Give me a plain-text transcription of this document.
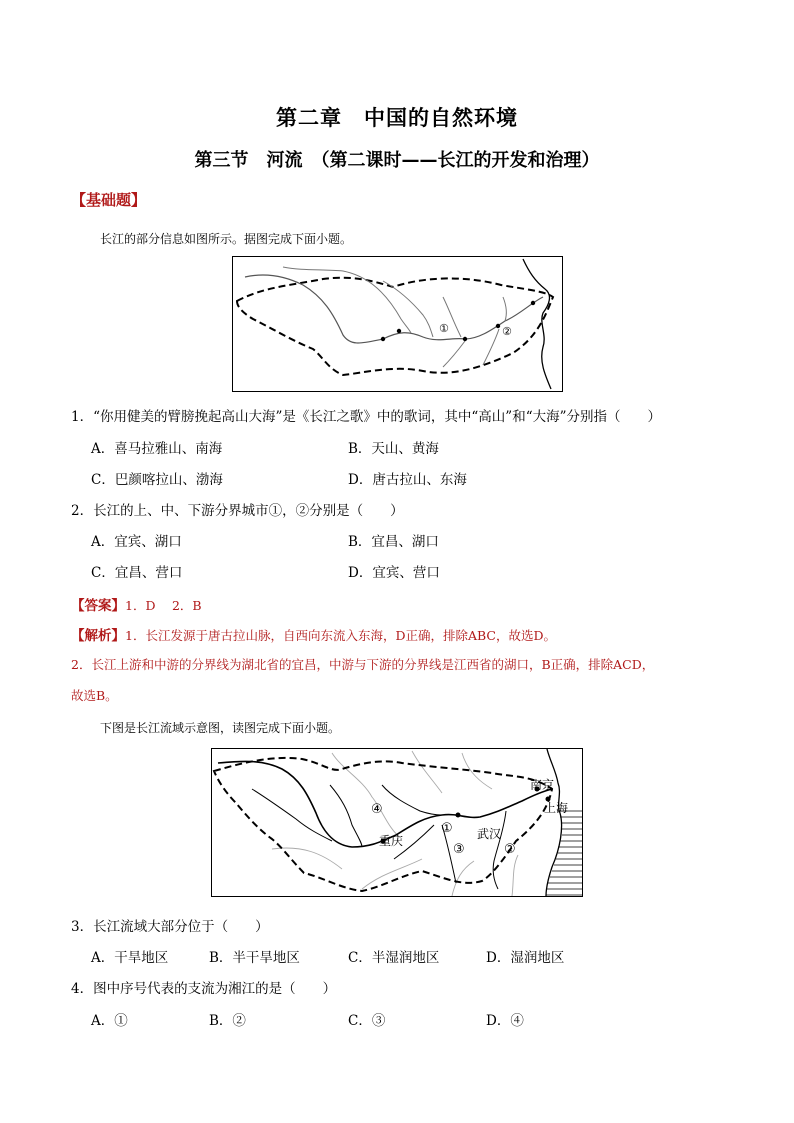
第二章　中国的自然环境
第三节　河流　（第二课时——长江的开发和治理）
【基础题】
长江的部分信息如图所示。据图完成下面小题。
①	②
1．“你用健美的臂膀挽起高山大海”是《长江之歌》中的歌词，其中“高山”和“大海”分别指（　　）
A．喜马拉雅山、南海	B．天山、黄海
C．巴颜喀拉山、渤海	D．唐古拉山、东海
2．长江的上、中、下游分界城市①，②分别是（　　）
A．宜宾、湖口	B．宜昌、湖口
C．宜昌、营口	D．宜宾、营口
【答案】1．D　 2．B
【解析】1．长江发源于唐古拉山脉，自西向东流入东海，D正确，排除ABC，故选D。
2．长江上游和中游的分界线为湖北省的宜昌，中游与下游的分界线是江西省的湖口，B正确，排除ACD，
故选B。
下图是长江流域示意图，读图完成下面小题。
南京
上海
武汉
重庆
①
②
③
④
3．长江流域大部分位于（　　）
A．干旱地区	B．半干旱地区	C．半湿润地区	D．湿润地区
4．图中序号代表的支流为湘江的是（　　）
A．①	B．②	C．③	D．④
